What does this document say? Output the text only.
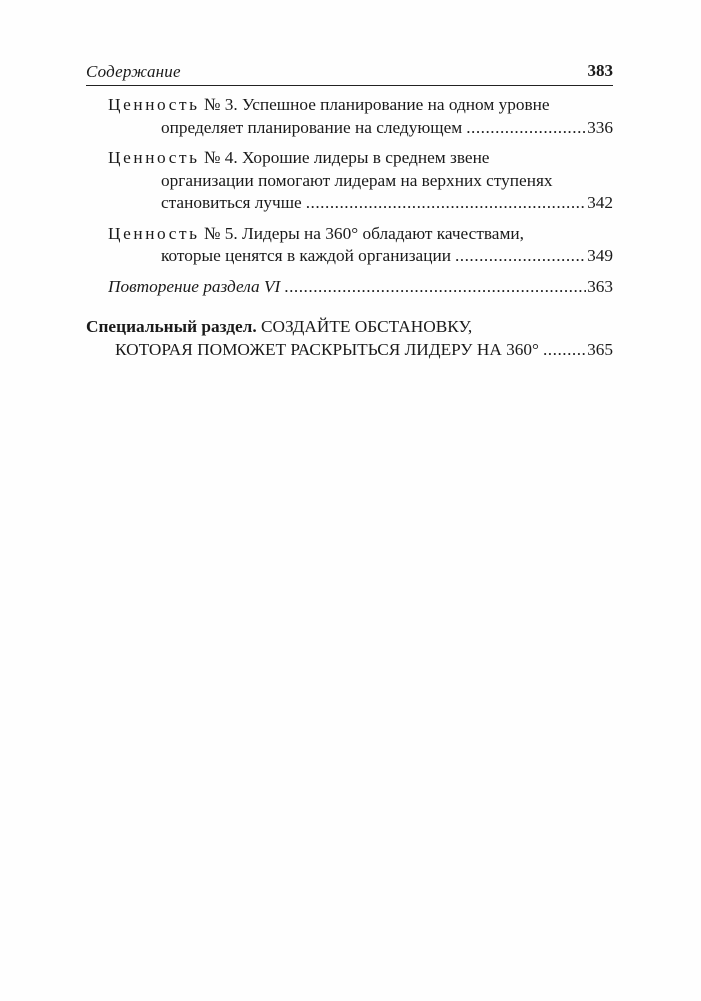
Содержание	383
Ценность № 3. Успешное планирование на одном уровне
определяет планирование на следующем .....	336
Ценность № 4. Хорошие лидеры в среднем звене
организации помогают лидерам на верхних ступенях
становиться лучше .....	342
Ценность № 5. Лидеры на 360° обладают качествами,
которые ценятся в каждой организации .....	349
Повторение раздела VI .....	363
Специальный раздел. СОЗДАЙТЕ ОБСТАНОВКУ,
КОТОРАЯ ПОМОЖЕТ РАСКРЫТЬСЯ ЛИДЕРУ НА 360° .....	365
